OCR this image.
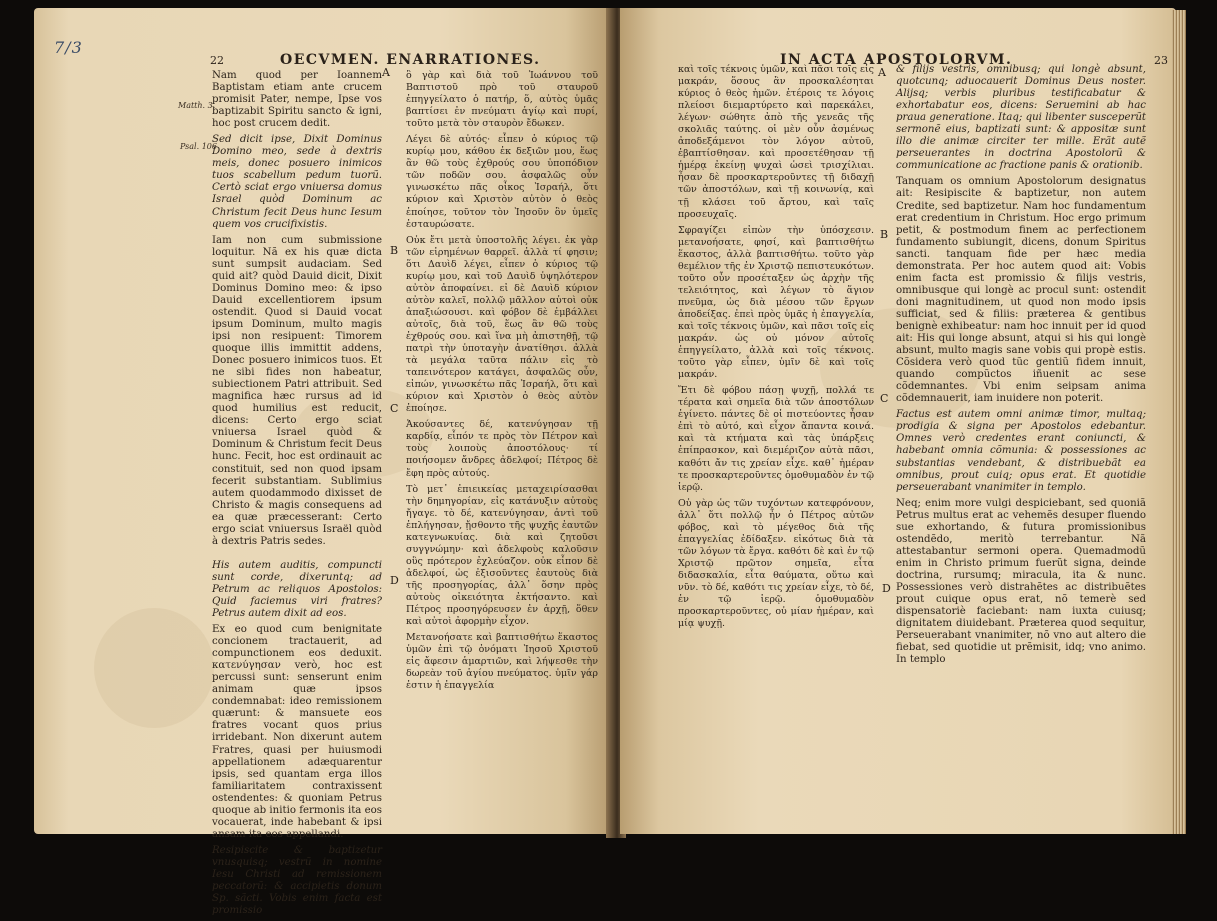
7/3
22	OECVMEN. ENARRATIONES.
Matth. 3.
Psal. 106
A
B
C
D

Nam quod per Ioannem Baptistam etiam ante crucem promisit Pater, nempe, Ipse vos baptizabit Spiritu sancto & igni, hoc post crucem dedit.

Sed dicit ipse, Dixit Dominus Domino meo, sede à dextris meis, donec posuero inimicos tuos scabellum pedum tuorũ. Certò sciat ergo vniuersa domus Israel quòd Dominum ac Christum fecit Deus hunc Iesum quem vos crucifixistis.

Iam non cum submissione loquitur. Nã ex his quæ dicta sunt sumpsit audaciam. Sed quid ait? quòd Dauid dicit, Dixit Dominus Domino meo: & ipso Dauid excellentiorem ipsum ostendit. Quod si Dauid vocat ipsum Dominum, multo magis ipsi non resipuent: Timorem quoque illis immittit addens, Donec posuero inimicos tuos. Et ne sibi fides non habeatur, subiectionem Patri attribuit. Sed magnifica hæc rursus ad id quod humilius est reducit, dicens: Certo ergo sciat vniuersa Israel quòd & Dominum & Christum fecit Deus hunc. Fecit, hoc est ordinauit ac constituit, sed non quod ipsam fecerit substantiam. Sublimius autem quodammodo dixisset de Christo & magis consequens ad ea quæ præcesserant: Certo ergo sciat vniuersus Israël quòd à dextris Patris sedes.

His autem auditis, compuncti sunt corde, dixeruntq; ad Petrum ac reliquos Apostolos: Quid faciemus viri fratres? Petrus autem dixit ad eos.

Ex eo quod cum benignitate concionem tractauerit, ad compunctionem eos deduxit. κατενύγησαν verò, hoc est percussi sunt: senserunt enim animam quæ ipsos condemnabat: ideo remissionem quærunt: & mansuete eos fratres vocant quos prius irridebant. Non dixerunt autem Fratres, quasi per huiusmodi appellationem adæquarentur ipsis, sed quantam erga illos familiaritatem contraxissent ostendentes: & quoniam Petrus quoque ab initio fermonis ita eos vocauerat, inde habebant & ipsi ansam ita eos appellandi.

Resipiscite & baptizetur vnusquisq; vestrũ in nomine Iesu Christi ad remissionem peccatorũ: & accipietis donum Sp. sãcti. Vobis enim facta est promissio

ὃ γὰρ καὶ διὰ τοῦ Ἰωάννου τοῦ Βαπτιστοῦ πρὸ τοῦ σταυροῦ ἐπηγγείλατο ὁ πατήρ, ὅ, αὐτὸς ὑμᾶς βαπτίσει ἐν πνεύματι ἁγίῳ καὶ πυρί, τοῦτο μετὰ τὸν σταυρὸν ἔδωκεν.

Λέγει δὲ αὐτός· εἶπεν ὁ κύριος τῷ κυρίῳ μου, κάθου ἐκ δεξιῶν μου, ἕως ἂν θῶ τοὺς ἐχθρούς σου ὑποπόδιον τῶν ποδῶν σου. ἀσφαλῶς οὖν γινωσκέτω πᾶς οἶκος Ἰσραήλ, ὅτι κύριον καὶ Χριστὸν αὐτὸν ὁ θεὸς ἐποίησε, τοῦτον τὸν Ἰησοῦν ὃν ὑμεῖς ἐσταυρώσατε.

Οὐκ ἔτι μετὰ ὑποστολῆς λέγει. ἐκ γὰρ τῶν εἰρημένων θαρρεῖ. ἀλλὰ τί φησιν; ὅτι Δαυὶδ λέγει, εἶπεν ὁ κύριος τῷ κυρίῳ μου, καὶ τοῦ Δαυὶδ ὑψηλότερον αὐτὸν ἀποφαίνει. εἰ δὲ Δαυὶδ κύριον αὐτὸν καλεῖ, πολλῷ μᾶλλον αὐτοὶ οὐκ ἀπαξιώσουσι. καὶ φόβον δὲ ἐμβάλλει αὐτοῖς, διὰ τοῦ, ἕως ἂν θῶ τοὺς ἐχθρούς σου. καὶ ἵνα μὴ ἀπιστηθῇ, τῷ πατρὶ τὴν ὑποταγὴν ἀνατίθησι. ἀλλὰ τὰ μεγάλα ταῦτα πάλιν εἰς τὸ ταπεινότερον κατάγει, ἀσφαλῶς οὖν, εἰπών, γινωσκέτω πᾶς Ἰσραήλ, ὅτι καὶ κύριον καὶ Χριστὸν ὁ θεὸς αὐτὸν ἐποίησε.

Ἀκούσαντες δέ, κατενύγησαν τῇ καρδίᾳ, εἶπόν τε πρὸς τὸν Πέτρον καὶ τοὺς λοιποὺς ἀποστόλους· τί ποιήσομεν ἄνδρες ἀδελφοί; Πέτρος δὲ ἔφη πρὸς αὐτούς.

Τὸ μετ᾽ ἐπιεικείας μεταχειρίσασθαι τὴν δημηγορίαν, εἰς κατάνυξιν αὐτοὺς ἤγαγε. τὸ δέ, κατενύγησαν, ἀντὶ τοῦ ἐπλήγησαν, ᾔσθοντο τῆς ψυχῆς ἑαυτῶν κατεγνωκυίας. διὰ καὶ ζητοῦσι συγγνώμην· καὶ ἀδελφοὺς καλοῦσιν οὓς πρότερον ἐχλεύαζον. οὐκ εἶπον δὲ ἀδελφοί, ὡς ἐξισοῦντες ἑαυτοὺς διὰ τῆς προσηγορίας, ἀλλ᾽ ὅσην πρὸς αὐτοὺς οἰκειότητα ἐκτήσαντο. καὶ Πέτρος προσηγόρευσεν ἐν ἀρχῇ, ὅθεν καὶ αὐτοὶ ἀφορμὴν εἶχον.

Μετανοήσατε καὶ βαπτισθήτω ἕκαστος ὑμῶν ἐπὶ τῷ ὀνόματι Ἰησοῦ Χριστοῦ εἰς ἄφεσιν ἁμαρτιῶν, καὶ λήψεσθε τὴν δωρεὰν τοῦ ἁγίου πνεύματος. ὑμῖν γάρ ἐστιν ἡ ἐπαγγελία

IN ACTA APOSTOLORVM.	23
A
B
C
D

καὶ τοῖς τέκνοις ὑμῶν, καὶ πᾶσι τοῖς εἰς μακράν, ὅσους ἂν προσκαλέσηται κύριος ὁ θεὸς ἡμῶν. ἑτέροις τε λόγοις πλείοσι διεμαρτύρετο καὶ παρεκάλει, λέγων· σώθητε ἀπὸ τῆς γενεᾶς τῆς σκολιᾶς ταύτης. οἱ μὲν οὖν ἀσμένως ἀποδεξάμενοι τὸν λόγον αὐτοῦ, ἐβαπτίσθησαν. καὶ προσετέθησαν τῇ ἡμέρᾳ ἐκείνῃ ψυχαὶ ὡσεὶ τρισχίλιαι. ἦσαν δὲ προσκαρτεροῦντες τῇ διδαχῇ τῶν ἀποστόλων, καὶ τῇ κοινωνίᾳ, καὶ τῇ κλάσει τοῦ ἄρτου, καὶ ταῖς προσευχαῖς.

Σφραγίζει εἰπὼν τὴν ὑπόσχεσιν. μετανοήσατε, φησί, καὶ βαπτισθήτω ἕκαστος, ἀλλὰ βαπτισθήτω. τοῦτο γὰρ θεμέλιον τῆς ἐν Χριστῷ πεπιστευκότων. τοῦτο οὖν προσέταξεν ὡς ἀρχὴν τῆς τελειότητος, καὶ λέγων τὸ ἅγιον πνεῦμα, ὡς διὰ μέσου τῶν ἔργων ἀποδείξας. ἐπεὶ πρὸς ὑμᾶς ἡ ἐπαγγελία, καὶ τοῖς τέκνοις ὑμῶν, καὶ πᾶσι τοῖς εἰς μακράν. ὡς οὐ μόνον αὐτοῖς ἐπηγγείλατο, ἀλλὰ καὶ τοῖς τέκνοις. τοῦτο γὰρ εἶπεν, ὑμῖν δὲ καὶ τοῖς μακράν.

Ἔτι δὲ φόβου πάσῃ ψυχῇ, πολλά τε τέρατα καὶ σημεῖα διὰ τῶν ἀποστόλων ἐγίνετο. πάντες δὲ οἱ πιστεύοντες ἦσαν ἐπὶ τὸ αὐτό, καὶ εἶχον ἅπαντα κοινά. καὶ τὰ κτήματα καὶ τὰς ὑπάρξεις ἐπίπρασκον, καὶ διεμέριζον αὐτὰ πᾶσι, καθότι ἄν τις χρείαν εἶχε. καθ᾽ ἡμέραν τε προσκαρτεροῦντες ὁμοθυμαδὸν ἐν τῷ ἱερῷ.

Οὐ γὰρ ὡς τῶν τυχόντων κατεφρόνουν, ἀλλ᾽ ὅτι πολλῷ ἦν ὁ Πέτρος αὐτῶν φόβος, καὶ τὸ μέγεθος διὰ τῆς ἐπαγγελίας ἐδίδαξεν. εἰκότως διὰ τὰ τῶν λόγων τὰ ἔργα. καθότι δὲ καὶ ἐν τῷ Χριστῷ πρῶτον σημεῖα, εἶτα διδασκαλία, εἶτα θαύματα, οὕτω καὶ νῦν. τὸ δέ, καθότι τις χρείαν εἶχε, τὸ δέ, ἐν τῷ ἱερῷ. ὁμοθυμαδὸν προσκαρτεροῦντες, οὐ μίαν ἡμέραν, καὶ μίᾳ ψυχῇ.

& filijs vestris, omnibusq; qui longè absunt, quotcunq; aduocauerit Dominus Deus noster. Alijsq; verbis pluribus testificabatur & exhortabatur eos, dicens: Seruemini ab hac praua generatione. Itaq; qui libenter susceperũt sermonẽ eius, baptizati sunt: & appositæ sunt illo die animæ circiter ter mille. Erãt autẽ perseuerantes in doctrina Apostolorũ & communicatione ac fractione panis & orationib.

Tanquam os omnium Apostolorum designatus ait: Resipiscite & baptizetur, non autem Credite, sed baptizetur. Nam hoc fundamentum erat credentium in Christum. Hoc ergo primum petit, & postmodum finem ac perfectionem fundamento subiungit, dicens, donum Spiritus sancti. tanquam fide per hæc media demonstrata. Per hoc autem quod ait: Vobis enim facta est promissio & filijs vestris, omnibusque qui longè ac procul sunt: ostendit doni magnitudinem, ut quod non modo ipsis sufficiat, sed & filiis: præterea & gentibus benignè exhibeatur: nam hoc innuit per id quod ait: His qui longe absunt, atqui si his qui longè absunt, multo magis sane vobis qui propè estis. Cõsidera verò quod tũc gentiũ fidem innuit, quando compũctos iñuenit ac sese cõdemnantes. Vbi enim seipsam anima cõdemnauerit, iam inuidere non poterit.

Factus est autem omni animæ timor, multaq; prodigia & signa per Apostolos edebantur. Omnes verò credentes erant coniuncti, & habebant omnia cõmunia: & possessiones ac substantias vendebant, & distribuebãt ea omnibus, prout cuiq; opus erat. Et quotidie perseuerabant vnanimiter in templo.

Neq; enim more vulgi despiciebant, sed quoniã Petrus multus erat ac vehemẽs desuper fluendo sue exhortando, & futura promissionibus ostendẽdo, meritò terrebantur. Nã attestabantur sermoni opera. Quemadmodũ enim in Christo primum fuerũt signa, deinde doctrina, rursumq; miracula, ita & nunc. Possessiones verò distrahẽtes ac distribuẽtes prout cuique opus erat, nõ temerè sed dispensatoriè faciebant: nam iuxta cuiusq; dignitatem diuidebant. Præterea quod sequitur, Perseuerabant vnanimiter, nõ vno aut altero die fiebat, sed quotidie ut prẽmisit, idq; vno animo. In templo
